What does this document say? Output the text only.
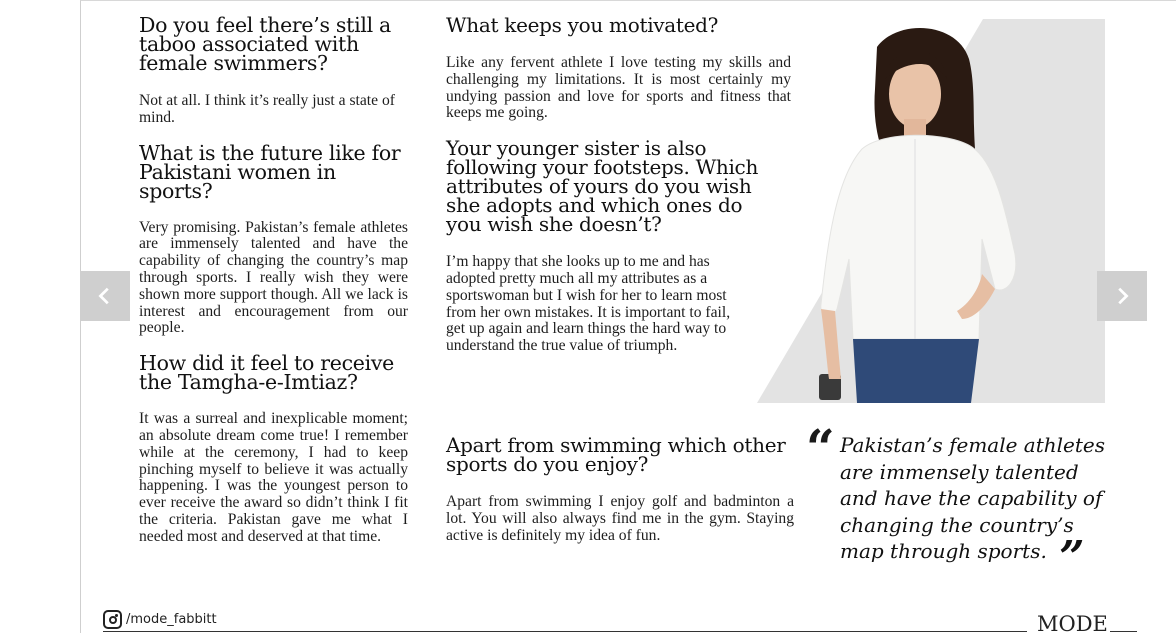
Do you feel there’s still a taboo associated with female swimmers?

Not at all. I think it’s really just a state of mind.

What is the future like for Pakistani women in sports?

Very promising. Pakistan’s female athletes are immensely talented and have the capability of changing the country’s map through sports. I really wish they were shown more support though. All we lack is interest and encouragement from our people.

How did it feel to receive the Tamgha-e-Imtiaz?

It was a surreal and inexplicable moment; an absolute dream come true! I remember while at the ceremony, I had to keep pinching myself to believe it was actually happening. I was the youngest person to ever receive the award so didn’t think I fit the criteria. Pakistan gave me what I needed most and deserved at that time.

What keeps you motivated?

Like any fervent athlete I love testing my skills and challenging my limitations. It is most certainly my undying passion and love for sports and fitness that keeps me going.

Your younger sister is also following your footsteps. Which attributes of yours do you wish she adopts and which ones do you wish she doesn’t?

I’m happy that she looks up to me and has adopted pretty much all my attributes as a sportswoman but I wish for her to learn most from her own mistakes. It is important to fail, get up again and learn things the hard way to understand the true value of triumph.

Apart from swimming which other sports do you enjoy?

Apart from swimming I enjoy golf and badminton a lot. You will also always find me in the gym. Staying active is definitely my idea of fun.

“ Pakistan’s female athletes are immensely talented and have the capability of changing the country’s map through sports. ”
/mode_fabbitt	MODE
